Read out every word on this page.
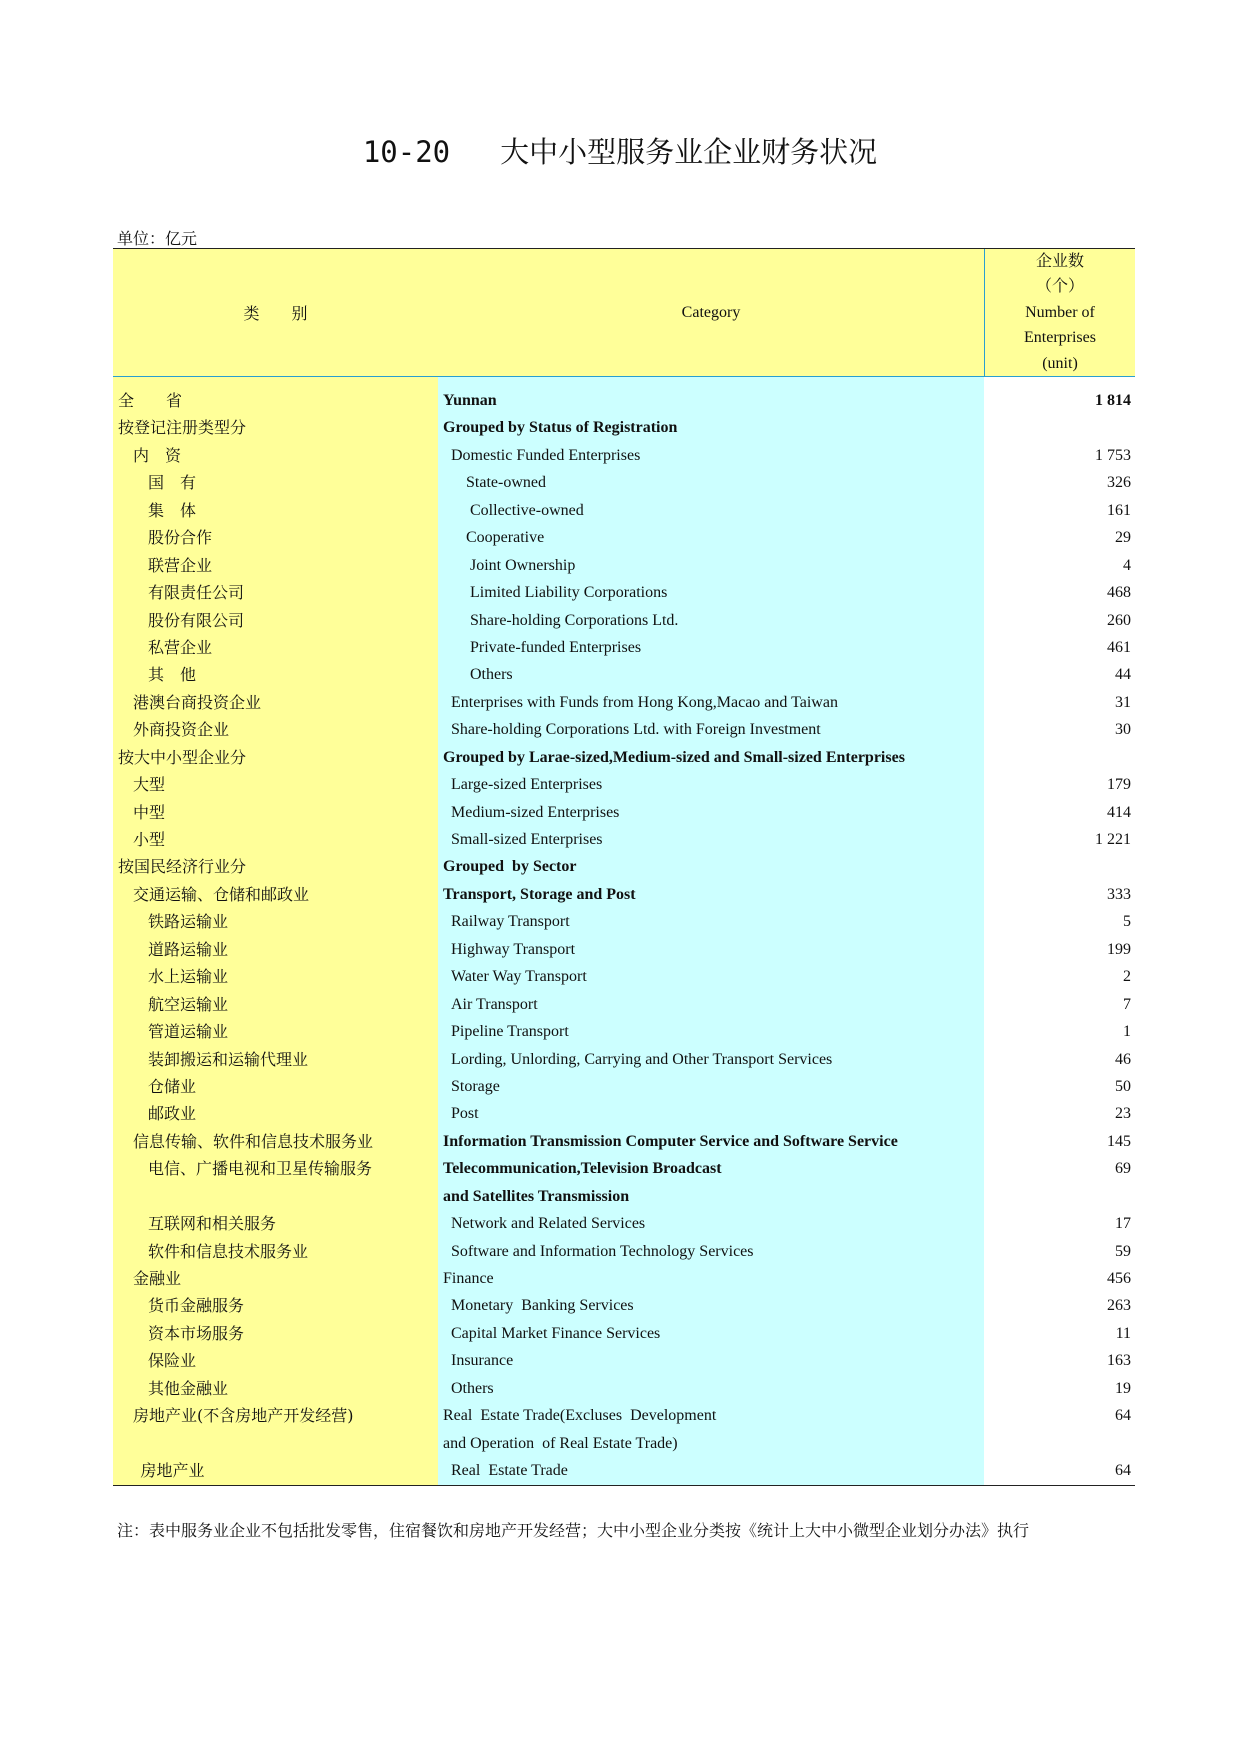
10-20 大中小型服务业企业财务状况
单位：亿元
类　　别	Category
企业数
（个）
Number of
Enterprises
(unit)
全　　省	Yunnan	1 814
按登记注册类型分	Grouped by Status of Registration
内　资	Domestic Funded Enterprises	1 753
国　有	State-owned	326
集　体	Collective-owned	161
股份合作	Cooperative	29
联营企业	Joint Ownership	4
有限责任公司	Limited Liability Corporations	468
股份有限公司	Share-holding Corporations Ltd.	260
私营企业	Private-funded Enterprises	461
其　他	Others	44
港澳台商投资企业	Enterprises with Funds from Hong Kong,Macao and Taiwan	31
外商投资企业	Share-holding Corporations Ltd. with Foreign Investment	30
按大中小型企业分	Grouped by Larae-sized,Medium-sized and Small-sized Enterprises
大型	Large-sized Enterprises	179
中型	Medium-sized Enterprises	414
小型	Small-sized Enterprises	1 221
按国民经济行业分	Grouped  by Sector
交通运输、仓储和邮政业	Transport, Storage and Post	333
铁路运输业	Railway Transport	5
道路运输业	Highway Transport	199
水上运输业	Water Way Transport	2
航空运输业	Air Transport	7
管道运输业	Pipeline Transport	1
装卸搬运和运输代理业	Lording, Unlording, Carrying and Other Transport Services	46
仓储业	Storage	50
邮政业	Post	23
信息传输、软件和信息技术服务业	Information Transmission Computer Service and Software Service	145
电信、广播电视和卫星传输服务	Telecommunication,Television Broadcast	69
and Satellites Transmission
互联网和相关服务	Network and Related Services	17
软件和信息技术服务业	Software and Information Technology Services	59
金融业	Finance	456
货币金融服务	Monetary  Banking Services	263
资本市场服务	Capital Market Finance Services	11
保险业	Insurance	163
其他金融业	Others	19
房地产业(不含房地产开发经营)	Real  Estate Trade(Excluses  Development	64
and Operation  of Real Estate Trade)
房地产业	Real  Estate Trade	64
注：表中服务业企业不包括批发零售，住宿餐饮和房地产开发经营；大中小型企业分类按《统计上大中小微型企业划分办法》执行
